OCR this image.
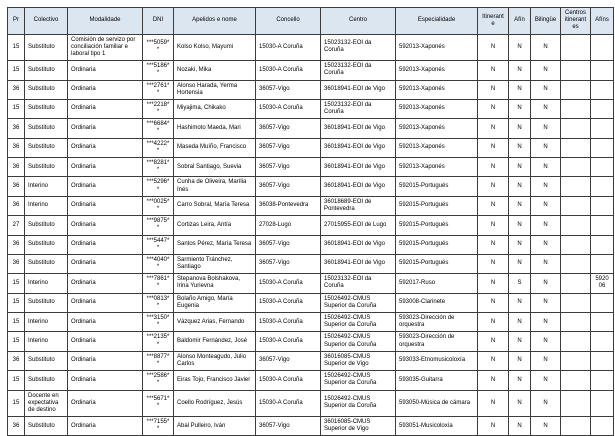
Pr	Colectivo	Modalidade	DNI	Apelidos e nome	Concello	Centro	Especialidade	Itinerante	Afín	Bilingüe	Centros itinerantes	Afíns
15	Substituto	Comisión de servizo por conciliación familiar e laboral tipo 1	***5059**	Kolso Kolso, Mayumi	15030-A Coruña	15023132-EOI da Coruña	592013-Xaponés	N	N	N		
15	Substituto	Ordinaria	***5186**	Nozaki, Mika	15030-A Coruña	15023132-EOI da Coruña	592013-Xaponés	N	N	N		
36	Substituto	Ordinaria	***2761**	Alonso Harada, Yerma Hortensia	36057-Vigo	36018941-EOI de Vigo	592013-Xaponés	N	N	N		
15	Substituto	Ordinaria	***2218**	Miyajima, Chikako	15030-A Coruña	15023132-EOI da Coruña	592013-Xaponés	N	N	N		
36	Substituto	Ordinaria	***6684**	Hashimoto Maeda, Mari	36057-Vigo	36018941-EOI de Vigo	592013-Xaponés	N	N	N		
36	Substituto	Ordinaria	***4222**	Maseda Muíño, Francisco	36057-Vigo	36018941-EOI de Vigo	592013-Xaponés	N	N	N		
36	Substituto	Ordinaria	***8281**	Sobral Santiago, Suevia	36057-Vigo	36018941-EOI de Vigo	592013-Xaponés	N	N	N		
36	Interino	Ordinaria	***5296**	Cunha de Oliveira, Marília Inés	36057-Vigo	36018941-EOI de Vigo	592015-Portugués	N	N	N		
36	Interino	Ordinaria	***0025**	Carro Sobral, María Teresa	36038-Pontevedra	36018689-EOI de Pontevedra	592015-Portugués	N	N	N		
27	Substituto	Ordinaria	***9875**	Cortizas Leira, Antía	27028-Lugo	27015955-EOI de Lugo	592015-Portugués	N	N	N		
36	Substituto	Ordinaria	***5447**	Santos Pérez, María Teresa	36057-Vigo	36018941-EOI de Vigo	592015-Portugués	N	N	N		
36	Substituto	Ordinaria	***4040**	Sarmiento Tránchez, Santiago	36057-Vigo	36018941-EOI de Vigo	592015-Portugués	N	N	N		
15	Interino	Ordinaria	***7861**	Stepanova Bolshakova, Irina Yurievna	15030-A Coruña	15023132-EOI da Coruña	592017-Ruso	N	S	N		592006
15	Substituto	Ordinaria	***0813**	Bolaño Amigo, María Eugenia	15030-A Coruña	15026492-CMUS Superior da Coruña	593008-Clarinete	N	N	N		
15	Interino	Ordinaria	***3150**	Vázquez Arias, Fernando	15030-A Coruña	15026492-CMUS Superior da Coruña	593023-Dirección de orquestra	N	N	N		
15	Interino	Ordinaria	***2135**	Baldomir Fernández, José	15030-A Coruña	15026492-CMUS Superior da Coruña	593023-Dirección de orquestra	N	N	N		
36	Substituto	Ordinaria	***8877**	Alonso Monteagudo, Julio Carlos	36057-Vigo	36016085-CMUS Superior de Vigo	593033-Etnomusicoloxía	N	N	N		
15	Substituto	Ordinaria	***2586**	Eiras Tojo, Francisco Javier	15030-A Coruña	15026492-CMUS Superior da Coruña	593035-Guitarra	N	N	N		
15	Docente en expectativa de destino	Ordinaria	***5671**	Coello Rodríguez, Jesús	15030-A Coruña	15026492-CMUS Superior da Coruña	593050-Música de cámara	N	N	N		
36	Substituto	Ordinaria	***7155**	Abal Pulleiro, Iván	36057-Vigo	36016085-CMUS Superior de Vigo	593051-Musicoloxía	N	N	N		
